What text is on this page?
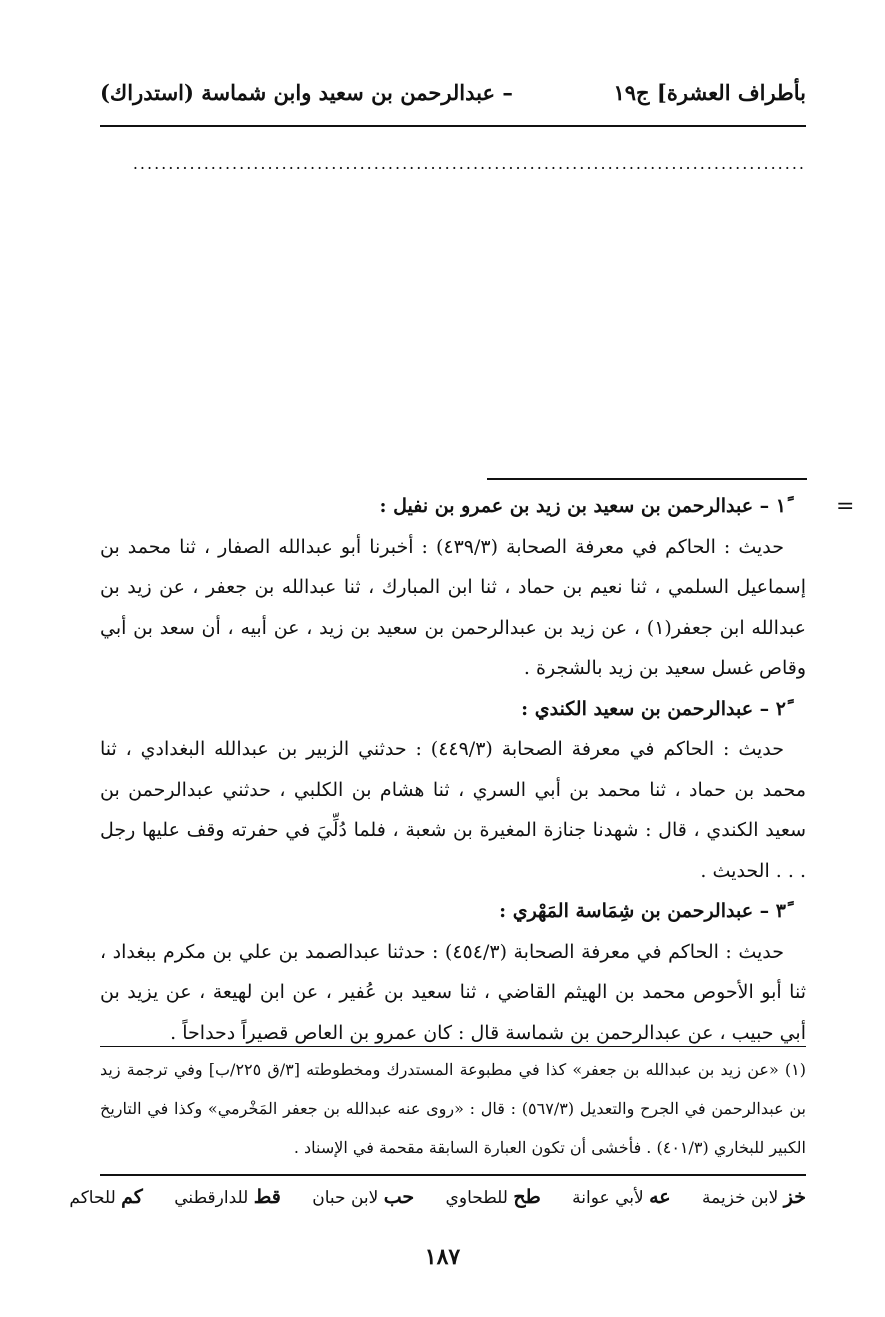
بأطراف العشرة] ج١٩
– عبدالرحمن بن سعيد وابن شماسة (استدراك)
...............................................................................................
=

١ً – عبدالرحمن بن سعيد بن زيد بن عمرو بن نفيل :

حديث : الحاكم في معرفة الصحابة (٤٣٩/٣) : أخبرنا أبو عبدالله الصفار ، ثنا محمد بن إسماعيل السلمي ، ثنا نعيم بن حماد ، ثنا ابن المبارك ، ثنا عبدالله بن جعفر ، عن زيد بن عبدالله ابن جعفر(١) ، عن زيد بن عبدالرحمن بن سعيد بن زيد ، عن أبيه ، أن سعد بن أبي وقاص غسل سعيد بن زيد بالشجرة .

٢ً – عبدالرحمن بن سعيد الكندي :

حديث : الحاكم في معرفة الصحابة (٤٤٩/٣) : حدثني الزبير بن عبدالله البغدادي ، ثنا محمد بن حماد ، ثنا محمد بن أبي السري ، ثنا هشام بن الكلبي ، حدثني عبدالرحمن بن سعيد الكندي ، قال : شهدنا جنازة المغيرة بن شعبة ، فلما دُلِّيَ في حفرته وقف عليها رجل . . . الحديث .

٣ً – عبدالرحمن بن شِمَاسة المَهْري :

حديث : الحاكم في معرفة الصحابة (٤٥٤/٣) : حدثنا عبدالصمد بن علي بن مكرم ببغداد ، ثنا أبو الأحوص محمد بن الهيثم القاضي ، ثنا سعيد بن عُفير ، عن ابن لهيعة ، عن يزيد بن أبي حبيب ، عن عبدالرحمن بن شماسة قال : كان عمرو بن العاص قصيراً دحداحاً .

(١) «عن زيد بن عبدالله بن جعفر» كذا في مطبوعة المستدرك ومخطوطته [٣/ق ٢٢٥/ب] وفي ترجمة زيد بن عبدالرحمن في الجرح والتعديل (٥٦٧/٣) : قال : «روى عنه عبدالله بن جعفر المَخْرمي» وكذا في التاريخ الكبير للبخاري (٤٠١/٣) . فأخشى أن تكون العبارة السابقة مقحمة في الإسناد .

خز لابن خزيمة عه لأبي عوانة طح للطحاوي حب لابن حبان قط للدارقطني كم للحاكم
١٨٧
